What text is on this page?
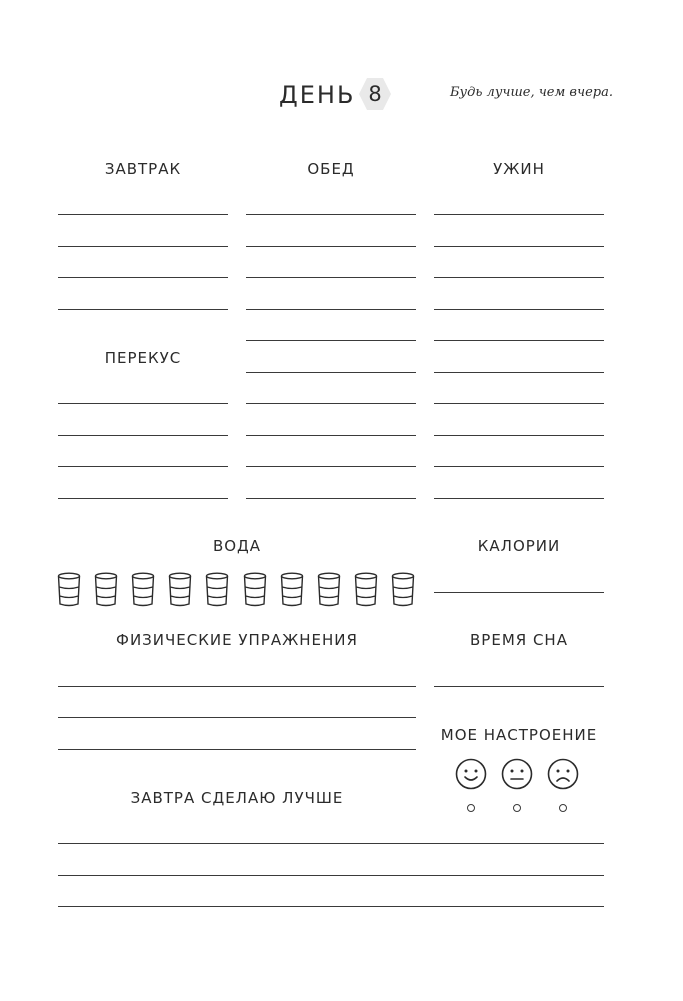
ДЕНЬ 8	Будь лучше, чем вчера.
ЗАВТРАК	ОБЕД	УЖИН
ПЕРЕКУС
ВОДА	КАЛОРИИ
ФИЗИЧЕСКИЕ УПРАЖНЕНИЯ	ВРЕМЯ СНА
МОЕ НАСТРОЕНИЕ
ЗАВТРА СДЕЛАЮ ЛУЧШЕ
